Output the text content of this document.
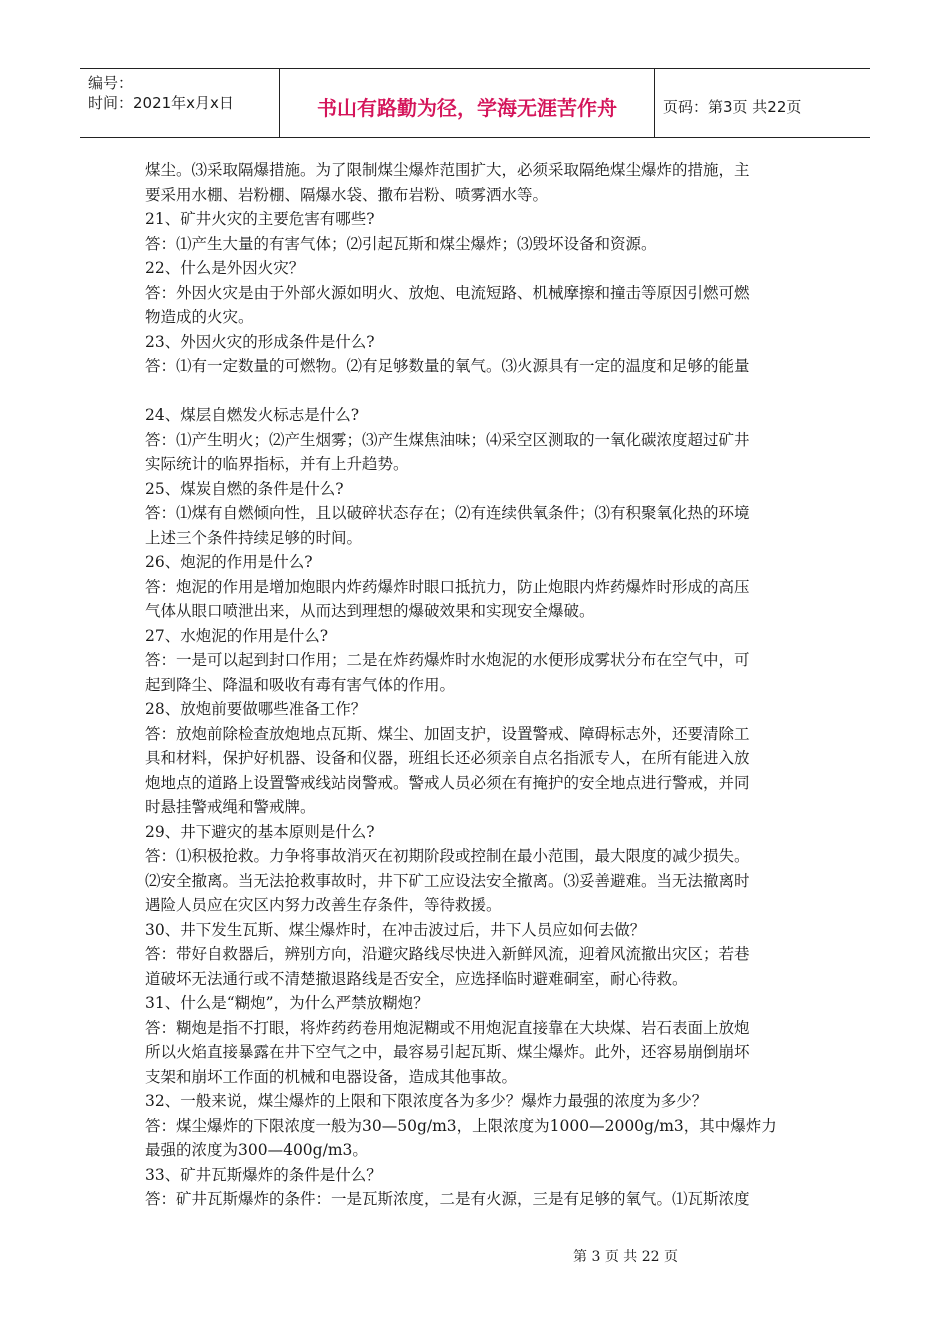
编号：
时间：2021年x月x日	书山有路勤为径，学海无涯苦作舟	页码：第3页 共22页
煤尘。⑶采取隔爆措施。为了限制煤尘爆炸范围扩大，必须采取隔绝煤尘爆炸的措施，主
要采用水棚、岩粉棚、隔爆水袋、撒布岩粉、喷雾洒水等。
21、矿井火灾的主要危害有哪些?
答：⑴产生大量的有害气体；⑵引起瓦斯和煤尘爆炸；⑶毁坏设备和资源。
22、什么是外因火灾？
答：外因火灾是由于外部火源如明火、放炮、电流短路、机械摩擦和撞击等原因引燃可燃
物造成的火灾。
23、外因火灾的形成条件是什么?
答：⑴有一定数量的可燃物。⑵有足够数量的氧气。⑶火源具有一定的温度和足够的能量
24、煤层自燃发火标志是什么?
答：⑴产生明火；⑵产生烟雾；⑶产生煤焦油味；⑷采空区测取的一氧化碳浓度超过矿井
实际统计的临界指标，并有上升趋势。
25、煤炭自燃的条件是什么?
答：⑴煤有自燃倾向性，且以破碎状态存在；⑵有连续供氧条件；⑶有积聚氧化热的环境
上述三个条件持续足够的时间。
26、炮泥的作用是什么?
答：炮泥的作用是增加炮眼内炸药爆炸时眼口抵抗力，防止炮眼内炸药爆炸时形成的高压
气体从眼口喷泄出来，从而达到理想的爆破效果和实现安全爆破。
27、水炮泥的作用是什么?
答：一是可以起到封口作用；二是在炸药爆炸时水炮泥的水便形成雾状分布在空气中，可
起到降尘、降温和吸收有毒有害气体的作用。
28、放炮前要做哪些准备工作？
答：放炮前除检查放炮地点瓦斯、煤尘、加固支护，设置警戒、障碍标志外，还要清除工
具和材料，保护好机器、设备和仪器，班组长还必须亲自点名指派专人，在所有能进入放
炮地点的道路上设置警戒线站岗警戒。警戒人员必须在有掩护的安全地点进行警戒，并同
时悬挂警戒绳和警戒牌。
29、井下避灾的基本原则是什么?
答：⑴积极抢救。力争将事故消灭在初期阶段或控制在最小范围，最大限度的减少损失。
⑵安全撤离。当无法抢救事故时，井下矿工应设法安全撤离。⑶妥善避难。当无法撤离时
遇险人员应在灾区内努力改善生存条件，等待救援。
30、井下发生瓦斯、煤尘爆炸时，在冲击波过后，井下人员应如何去做？
答：带好自救器后，辨别方向，沿避灾路线尽快进入新鲜风流，迎着风流撤出灾区；若巷
道破坏无法通行或不清楚撤退路线是否安全，应选择临时避难硐室，耐心待救。
31、什么是“糊炮”，为什么严禁放糊炮？
答：糊炮是指不打眼，将炸药药卷用炮泥糊或不用炮泥直接靠在大块煤、岩石表面上放炮
所以火焰直接暴露在井下空气之中，最容易引起瓦斯、煤尘爆炸。此外，还容易崩倒崩坏
支架和崩坏工作面的机械和电器设备，造成其他事故。
32、一般来说，煤尘爆炸的上限和下限浓度各为多少？爆炸力最强的浓度为多少？
答：煤尘爆炸的下限浓度一般为30—50g/m3，上限浓度为1000—2000g/m3，其中爆炸力
最强的浓度为300—400g/m3。
33、矿井瓦斯爆炸的条件是什么？
答：矿井瓦斯爆炸的条件：一是瓦斯浓度，二是有火源，三是有足够的氧气。⑴瓦斯浓度
第 3 页 共 22 页
